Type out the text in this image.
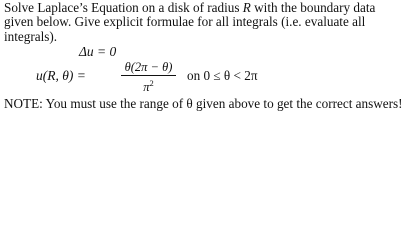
Solve Laplace’s Equation on a disk of radius R with the boundary data
given below. Give explicit formulae for all integrals (i.e. evaluate all
integrals).
Δu = 0
u(R, θ) =
θ(2π − θ)
$\pi^2$	on 0 ≤ θ < 2π
NOTE: You must use the range of θ given above to get the correct answers!
